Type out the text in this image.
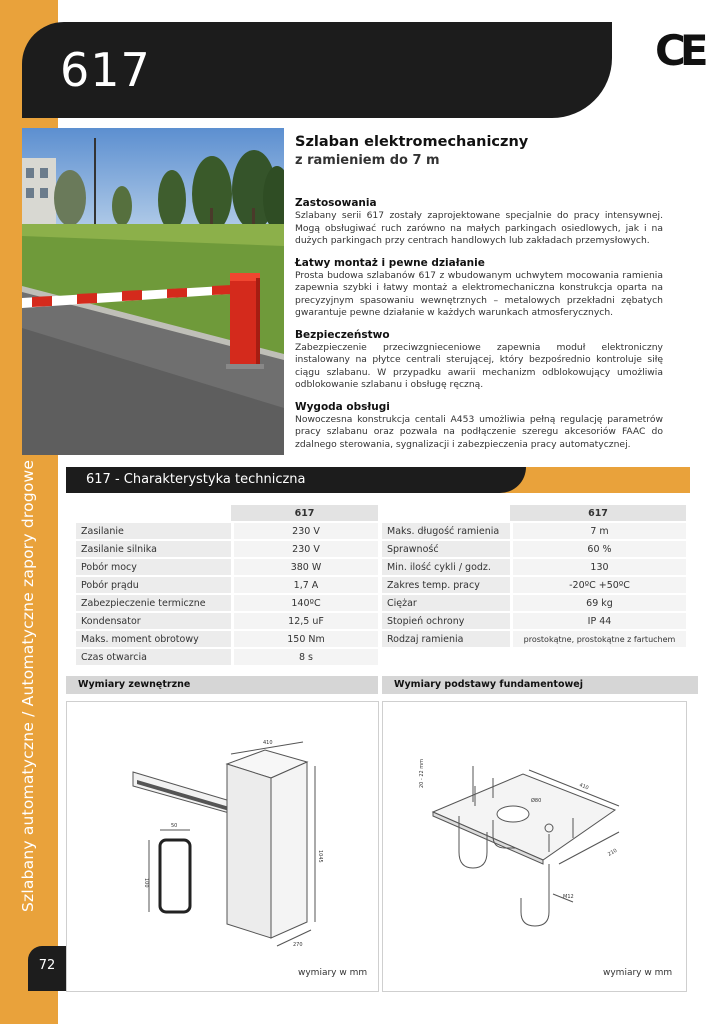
Szlabany automatyczne / Automatyczne zapory drogowe
72
617	CE
Szlaban elektromechaniczny
z ramieniem do 7 m
Zastosowania

Szlabany serii 617 zostały zaprojektowane specjalnie do pracy intensywnej. Mogą obsługiwać ruch zarówno na małych parkingach osiedlowych, jak i na dużych parkingach przy centrach handlowych lub zakładach przemysłowych.

Łatwy montaż i pewne działanie

Prosta budowa szlabanów 617 z wbudowanym uchwytem mocowania ramienia zapewnia szybki i łatwy montaż a elektromechaniczna konstrukcja oparta na precyzyjnym spasowaniu wewnętrznych – metalowych przekładni zębatych gwarantuje pewne działanie w każdych warunkach atmosferycznych.

Bezpieczeństwo

Zabezpieczenie przeciwzgnieceniowe zapewnia moduł elektroniczny instalowany na płytce centrali sterującej, który bezpośrednio kontroluje siłę ciągu szlabanu. W przypadku awarii mechanizm odblokowujący umożliwia odblokowanie szlabanu i obsługę ręczną.

Wygoda obsługi

Nowoczesna konstrukcja centali A453 umożliwia pełną regulację parametrów pracy szlabanu oraz pozwala na podłączenie szeregu akcesoriów FAAC do zdalnego sterowania, sygnalizacji i zabezpieczenia pracy automatycznej.

617 - Charakterystyka techniczna
	617
Zasilanie	230 V
Zasilanie silnika	230 V
Pobór mocy	380 W
Pobór prądu	1,7 A
Zabezpieczenie termiczne	140ºC
Kondensator	12,5 uF
Maks. moment obrotowy	150 Nm
Czas otwarcia	8 s
	617
Maks. długość ramienia	7 m
Sprawność	60 %
Min. ilość cykli / godz.	130
Zakres temp. pracy	-20ºC +50ºC
Ciężar	69 kg
Stopień ochrony	IP 44
Rodzaj ramienia	prostokątne, prostokątne z fartuchem
Wymiary zewnętrzne	Wymiary podstawy fundamentowej
410
1045
270
50
100
20 - 22 mm	410
210
Ø80
M12
wymiary w mm	wymiary w mm
